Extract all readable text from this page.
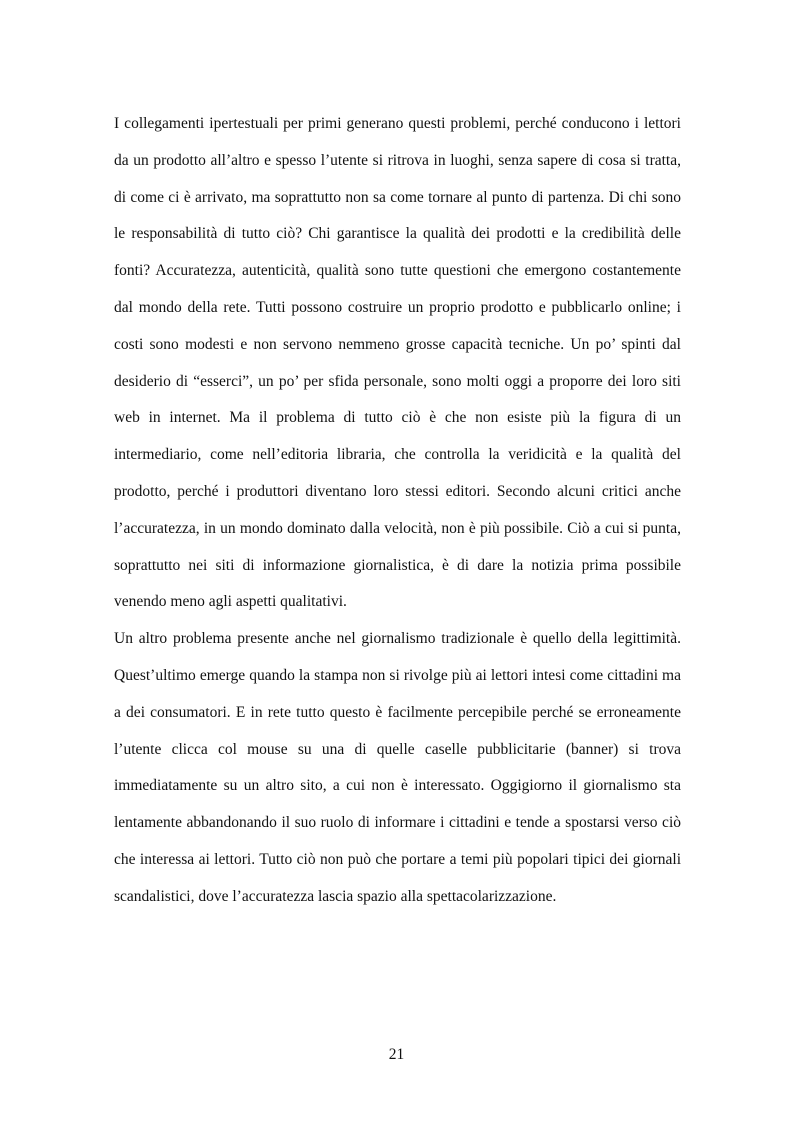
I collegamenti ipertestuali per primi generano questi problemi, perché conducono i lettori da un prodotto all’altro e spesso l’utente si ritrova in luoghi, senza sapere di cosa si tratta, di come ci è arrivato, ma soprattutto non sa come tornare al punto di partenza. Di chi sono le responsabilità di tutto ciò? Chi garantisce la qualità dei prodotti e la credibilità delle fonti? Accuratezza, autenticità, qualità sono tutte questioni che emergono costantemente dal mondo della rete. Tutti possono costruire un proprio prodotto e pubblicarlo online; i costi sono modesti e non servono nemmeno grosse capacità tecniche. Un po’ spinti dal desiderio di “esserci”, un po’ per sfida personale, sono molti oggi a proporre dei loro siti web in internet. Ma il problema di tutto ciò è che non esiste più la figura di un intermediario, come nell’editoria libraria, che controlla la veridicità e la qualità del prodotto, perché i produttori diventano loro stessi editori. Secondo alcuni critici anche l’accuratezza, in un mondo dominato dalla velocità, non è più possibile. Ciò a cui si punta, soprattutto nei siti di informazione giornalistica, è di dare la notizia prima possibile venendo meno agli aspetti qualitativi.

Un altro problema presente anche nel giornalismo tradizionale è quello della legittimità. Quest’ultimo emerge quando la stampa non si rivolge più ai lettori intesi come cittadini ma a dei consumatori. E in rete tutto questo è facilmente percepibile perché se erroneamente l’utente clicca col mouse su una di quelle caselle pubblicitarie (banner) si trova immediatamente su un altro sito, a cui non è interessato. Oggigiorno il giornalismo sta lentamente abbandonando il suo ruolo di informare i cittadini e tende a spostarsi verso ciò che interessa ai lettori. Tutto ciò non può che portare a temi più popolari tipici dei giornali scandalistici, dove l’accuratezza lascia spazio alla spettacolarizzazione.

21
